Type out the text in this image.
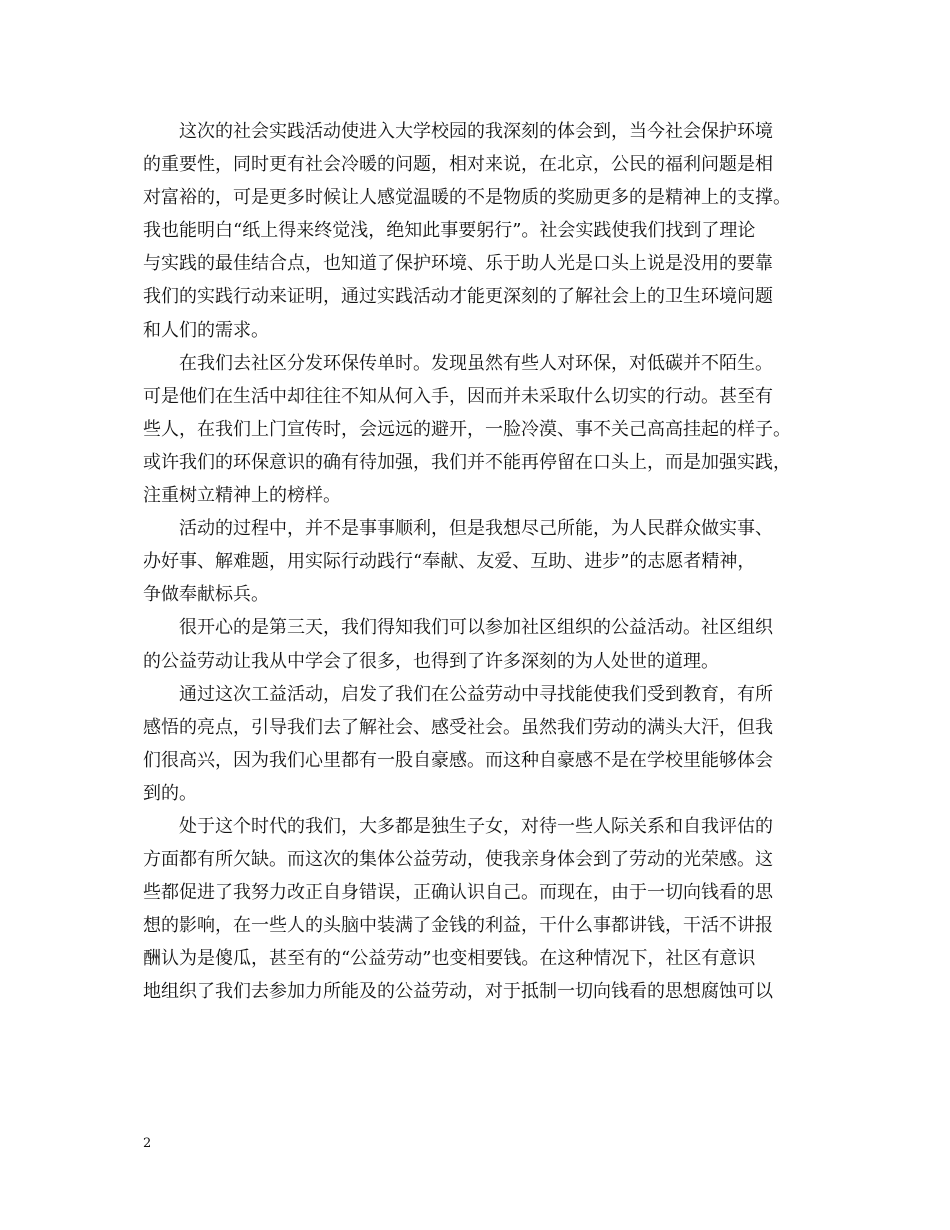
这次的社会实践活动使进入大学校园的我深刻的体会到，当今社会保护环境
的重要性，同时更有社会冷暖的问题，相对来说，在北京，公民的福利问题是相
对富裕的，可是更多时候让人感觉温暖的不是物质的奖励更多的是精神上的支撑。
我也能明白“纸上得来终觉浅，绝知此事要躬行”。社会实践使我们找到了理论
与实践的最佳结合点，也知道了保护环境、乐于助人光是口头上说是没用的要靠
我们的实践行动来证明，通过实践活动才能更深刻的了解社会上的卫生环境问题
和人们的需求。
在我们去社区分发环保传单时。发现虽然有些人对环保，对低碳并不陌生。
可是他们在生活中却往往不知从何入手，因而并未采取什么切实的行动。甚至有
些人，在我们上门宣传时，会远远的避开，一脸冷漠、事不关己高高挂起的样子。
或许我们的环保意识的确有待加强，我们并不能再停留在口头上，而是加强实践，
注重树立精神上的榜样。
活动的过程中，并不是事事顺利，但是我想尽己所能，为人民群众做实事、
办好事、解难题，用实际行动践行“奉献、友爱、互助、进步”的志愿者精神，
争做奉献标兵。
很开心的是第三天，我们得知我们可以参加社区组织的公益活动。社区组织
的公益劳动让我从中学会了很多，也得到了许多深刻的为人处世的道理。
通过这次工益活动，启发了我们在公益劳动中寻找能使我们受到教育，有所
感悟的亮点，引导我们去了解社会、感受社会。虽然我们劳动的满头大汗，但我
们很高兴，因为我们心里都有一股自豪感。而这种自豪感不是在学校里能够体会
到的。
处于这个时代的我们，大多都是独生子女，对待一些人际关系和自我评估的
方面都有所欠缺。而这次的集体公益劳动，使我亲身体会到了劳动的光荣感。这
些都促进了我努力改正自身错误，正确认识自己。而现在，由于一切向钱看的思
想的影响，在一些人的头脑中装满了金钱的利益，干什么事都讲钱，干活不讲报
酬认为是傻瓜，甚至有的“公益劳动”也变相要钱。在这种情况下，社区有意识
地组织了我们去参加力所能及的公益劳动，对于抵制一切向钱看的思想腐蚀可以
2
